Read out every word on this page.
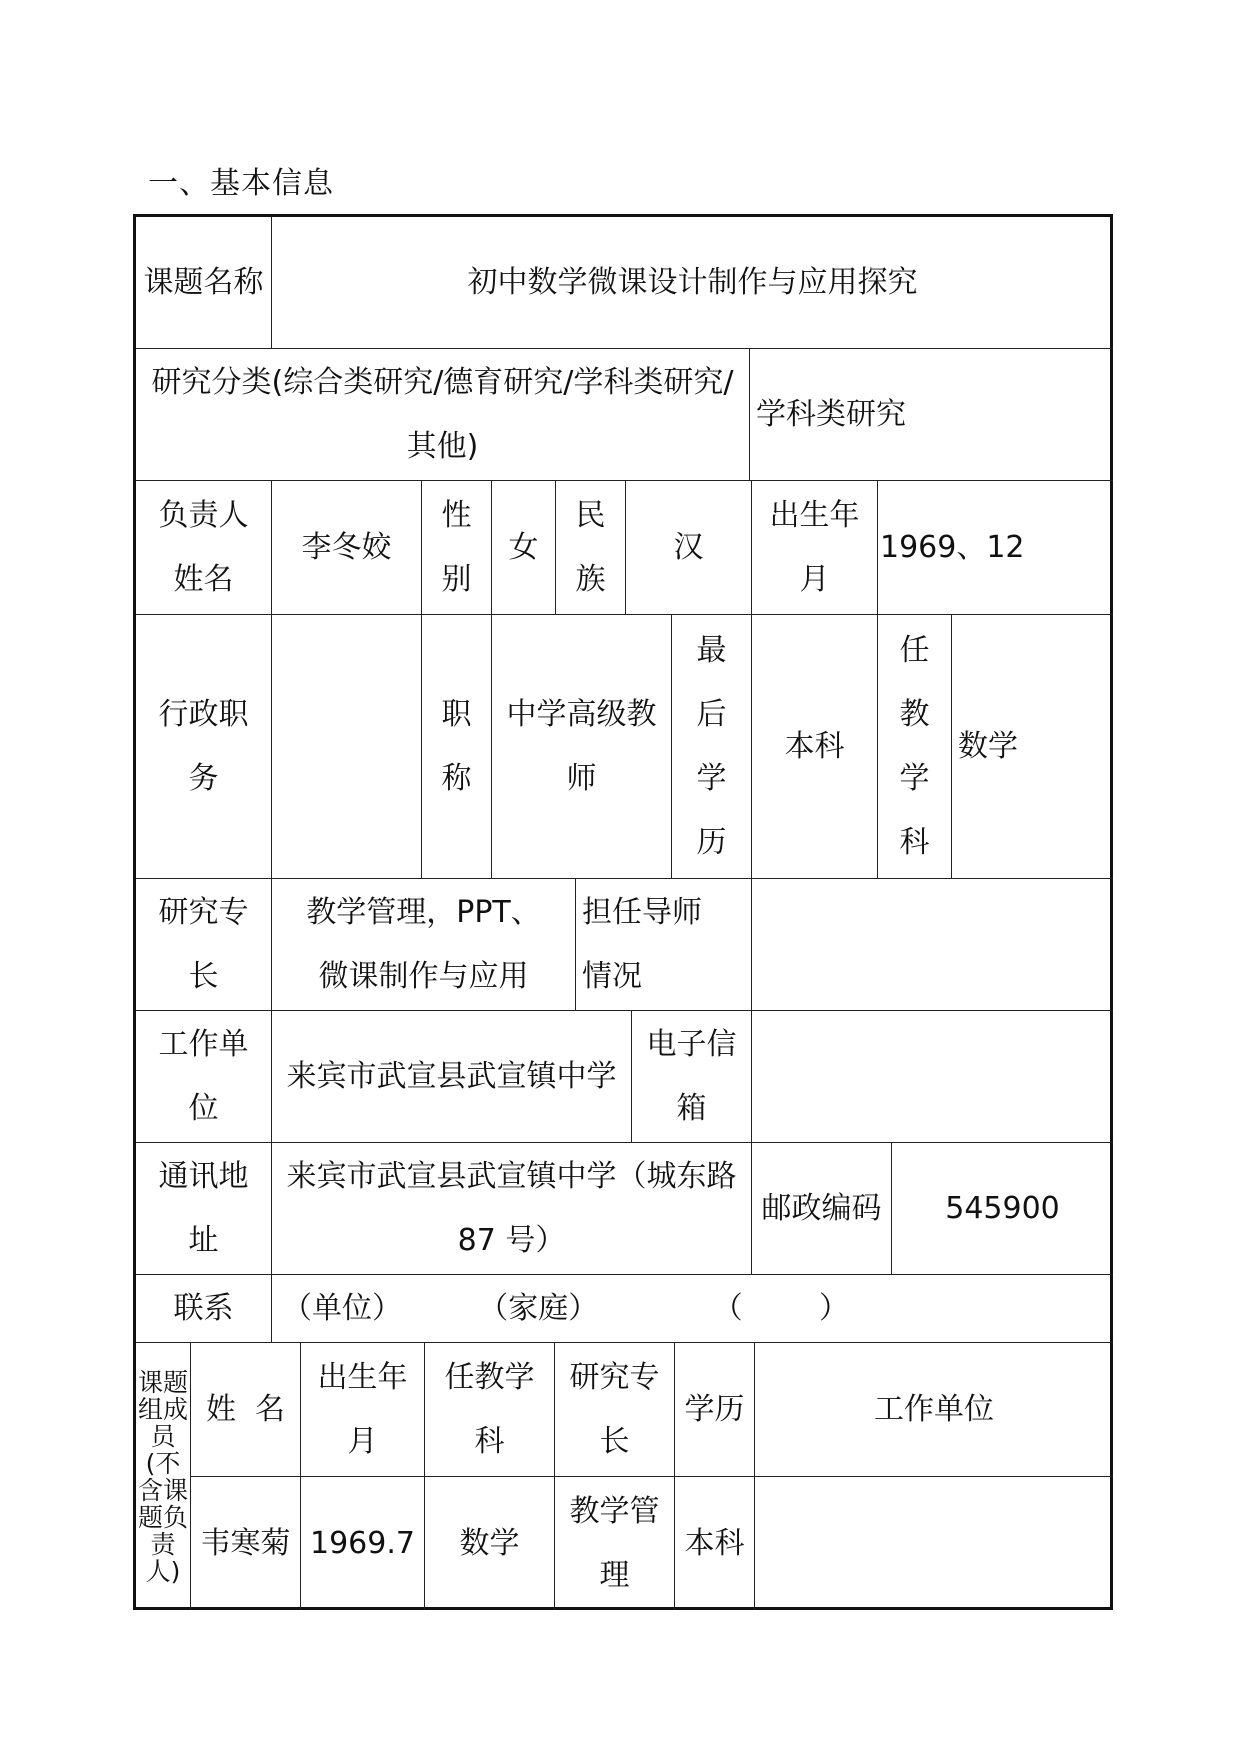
一、基本信息
课题名称	初中数学微课设计制作与应用探究
研究分类(综合类研究/德育研究/学科类研究/其他)
学科类研究
负责人姓名
李冬姣
性别
女
民族
汉
出生年月
1969、12
行政职务
职称
中学高级教师
最后学历
本科
任教学科
数学
研究专长
教学管理，PPT、微课制作与应用
担任导师情况
工作单位
来宾市武宣县武宣镇中学
电子信箱
通讯地址
来宾市武宣县武宣镇中学（城东路 87 号）
邮政编码 545900
联系 （单位）        （家庭）            （        ）
课题组成员(不含课题负责人)
姓  名
出生年月
任教学科
研究专长
学历	工作单位
韦寒菊 1969.7 数学
教学管理
本科
